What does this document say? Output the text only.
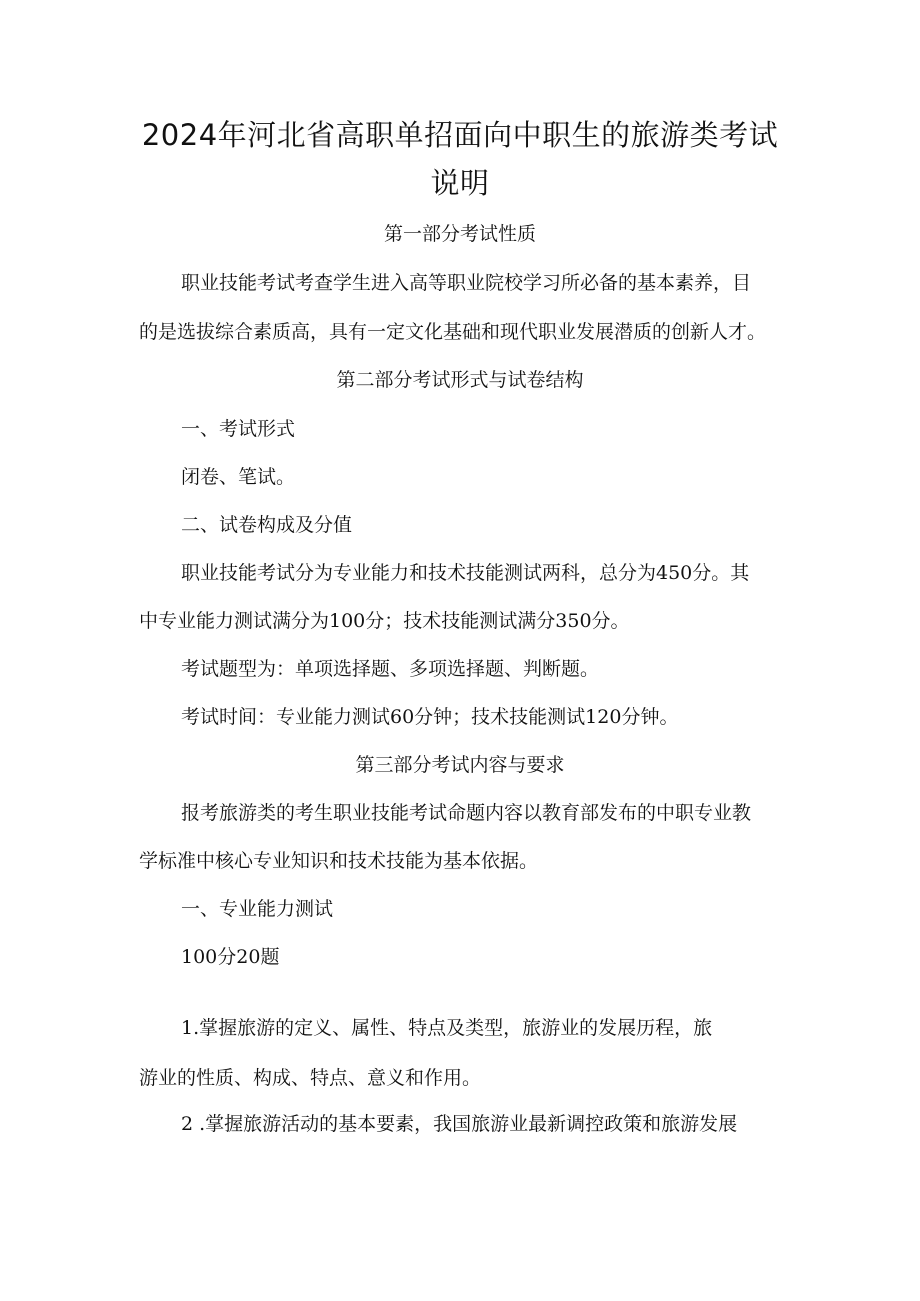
2024年河北省高职单招面向中职生的旅游类考试
说明
第一部分考试性质
职业技能考试考查学生进入高等职业院校学习所必备的基本素养，目
的是选拔综合素质高，具有一定文化基础和现代职业发展潜质的创新人才。
第二部分考试形式与试卷结构
一、考试形式
闭卷、笔试。
二、试卷构成及分值
职业技能考试分为专业能力和技术技能测试两科，总分为450分。其
中专业能力测试满分为100分；技术技能测试满分350分。
考试题型为：单项选择题、多项选择题、判断题。
考试时间：专业能力测试60分钟；技术技能测试120分钟。
第三部分考试内容与要求
报考旅游类的考生职业技能考试命题内容以教育部发布的中职专业教
学标准中核心专业知识和技术技能为基本依据。
一、专业能力测试
100分20题
1.掌握旅游的定义、属性、特点及类型，旅游业的发展历程，旅
游业的性质、构成、特点、意义和作用。
2 .掌握旅游活动的基本要素，我国旅游业最新调控政策和旅游发展
